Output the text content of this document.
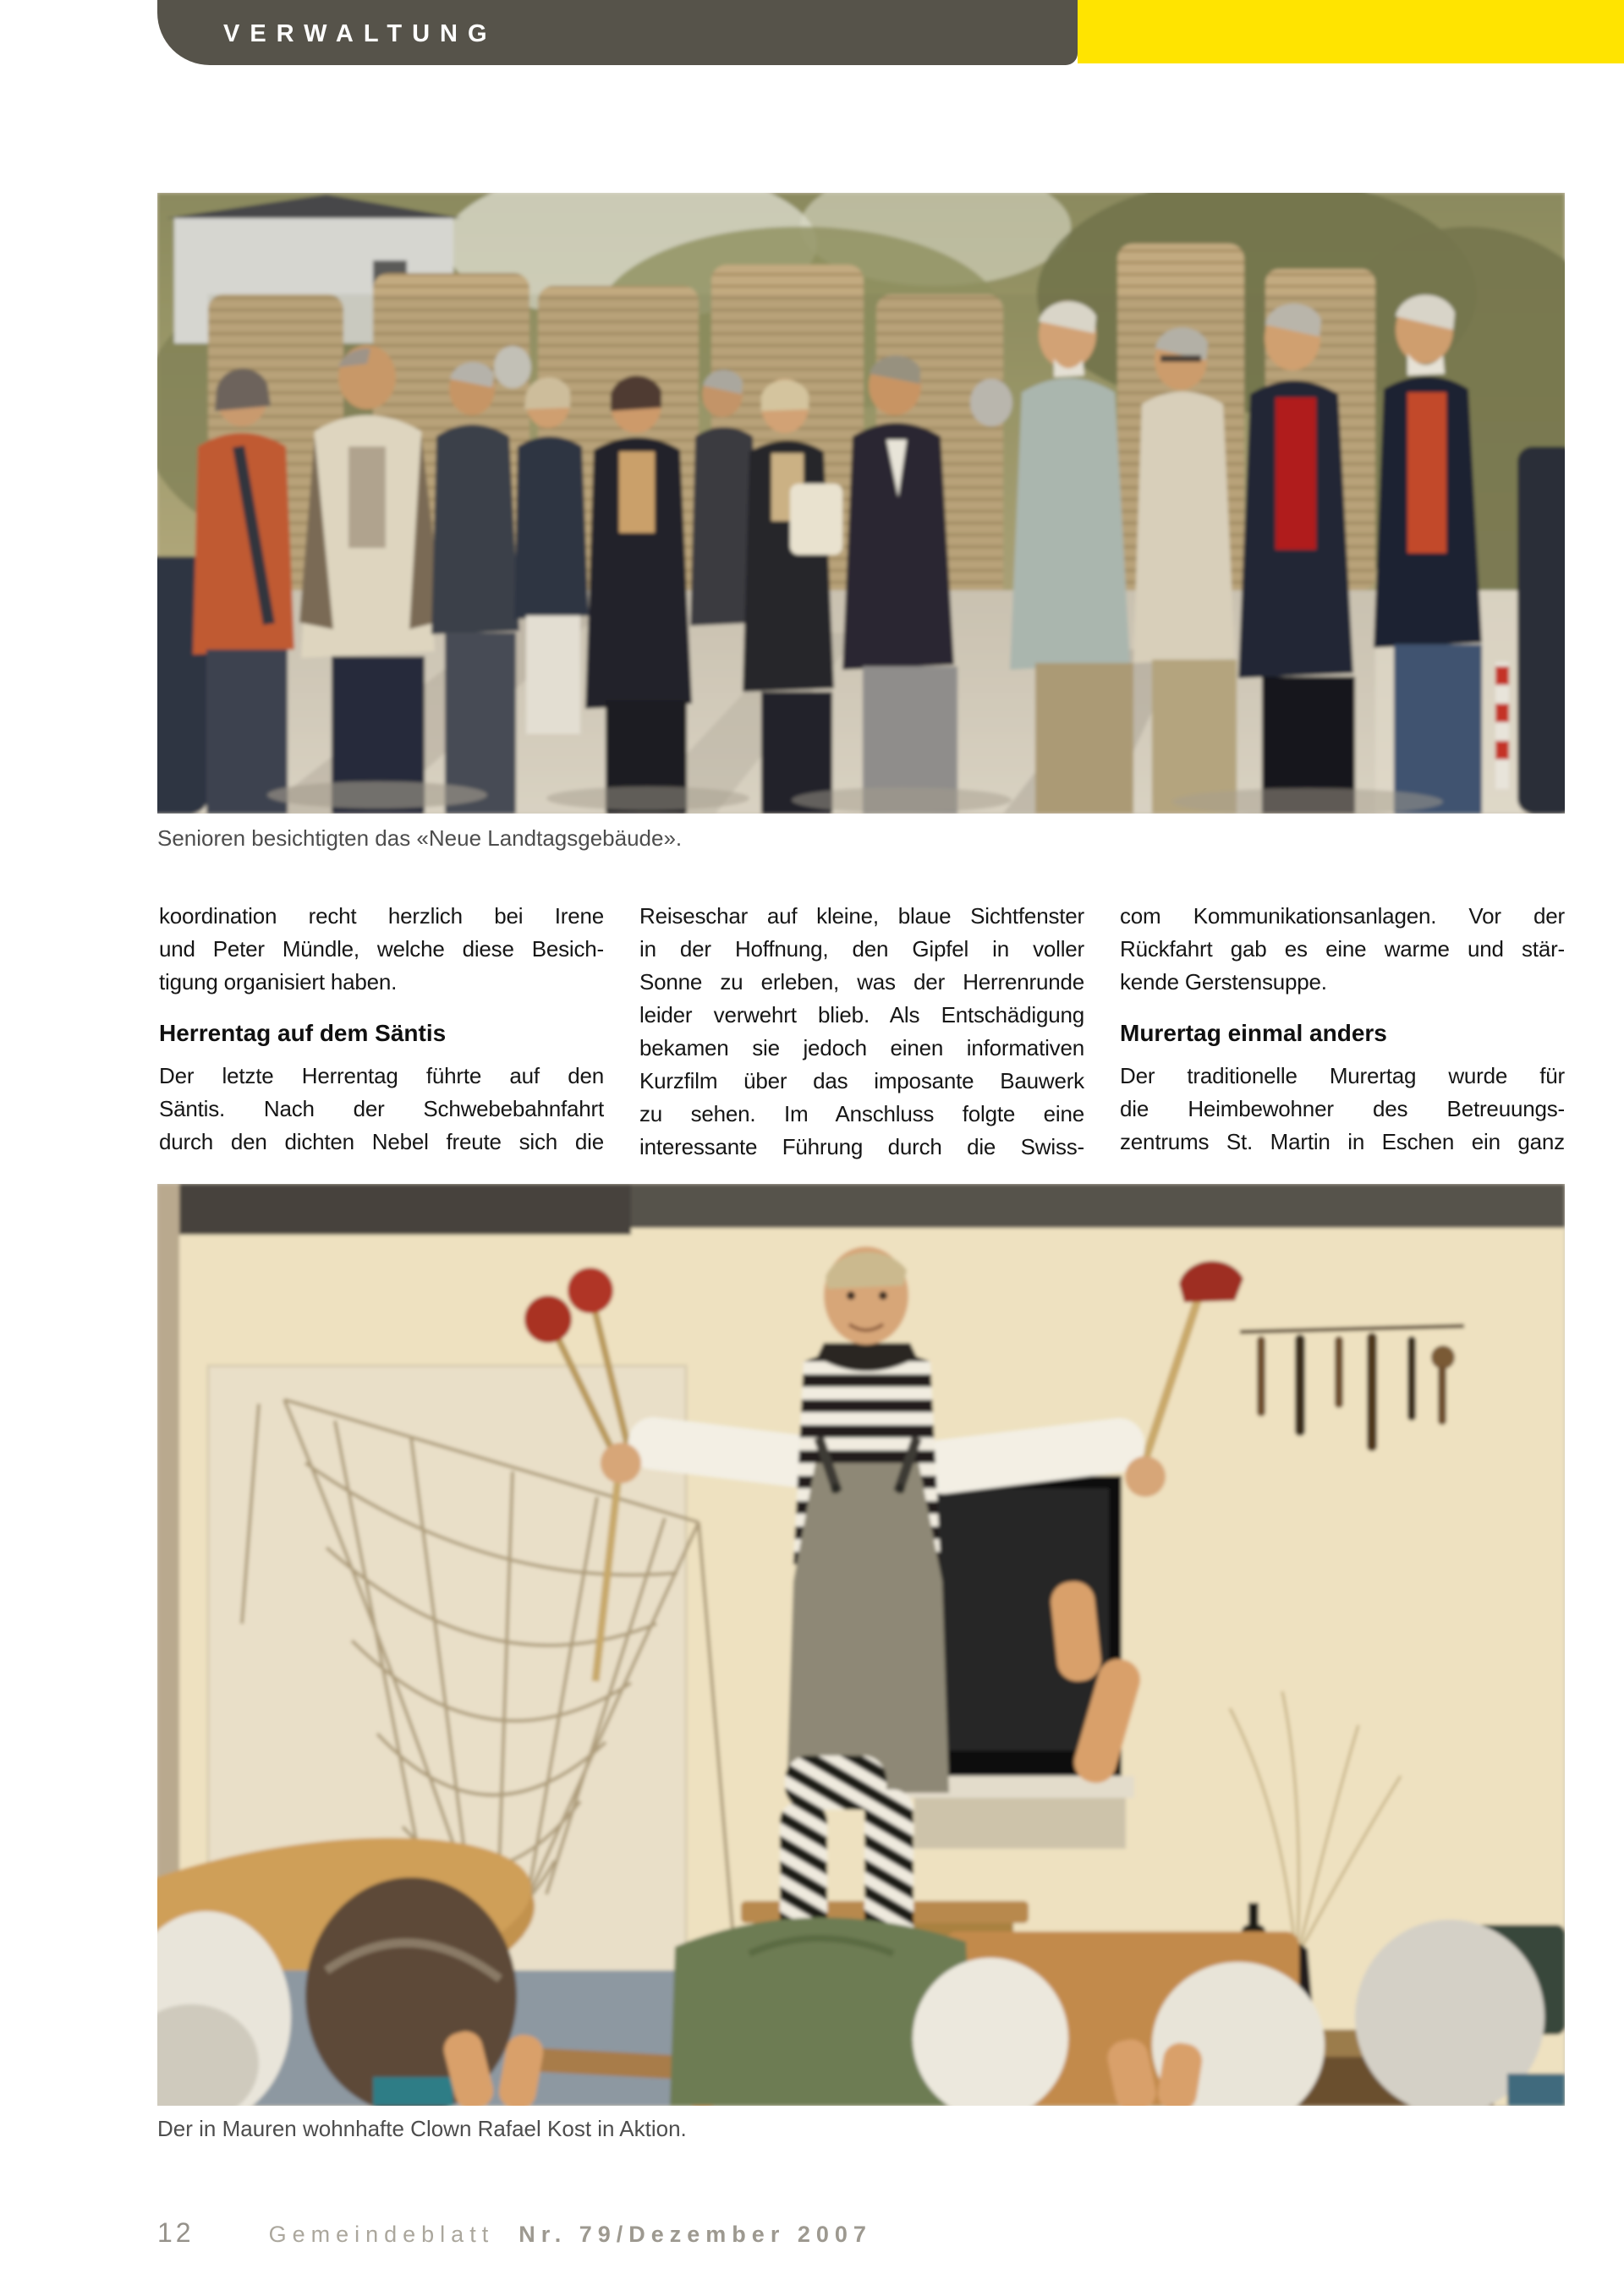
VERWALTUNG
Senioren besichtigten das «Neue Landtagsgebäude».
koordination recht herzlich bei Irene
und Peter Mündle, welche diese Besich-
tigung organisiert haben.
Herrentag auf dem Säntis
Der letzte Herrentag führte auf den
Säntis. Nach der Schwebebahnfahrt
durch den dichten Nebel freute sich die
Reiseschar auf kleine, blaue Sichtfenster
in der Hoffnung, den Gipfel in voller
Sonne zu erleben, was der Herrenrunde
leider verwehrt blieb. Als Entschädigung
bekamen sie jedoch einen informativen
Kurzfilm über das imposante Bauwerk
zu sehen. Im Anschluss folgte eine
interessante Führung durch die Swiss-
com Kommunikationsanlagen. Vor der
Rückfahrt gab es eine warme und stär-
kende Gerstensuppe.
Murertag einmal anders
Der traditionelle Murertag wurde für
die Heimbewohner des Betreuungs-
zentrums St. Martin in Eschen ein ganz
Der in Mauren wohnhafte Clown Rafael Kost in Aktion.
12	Gemeindeblatt Nr. 79/Dezember 2007
